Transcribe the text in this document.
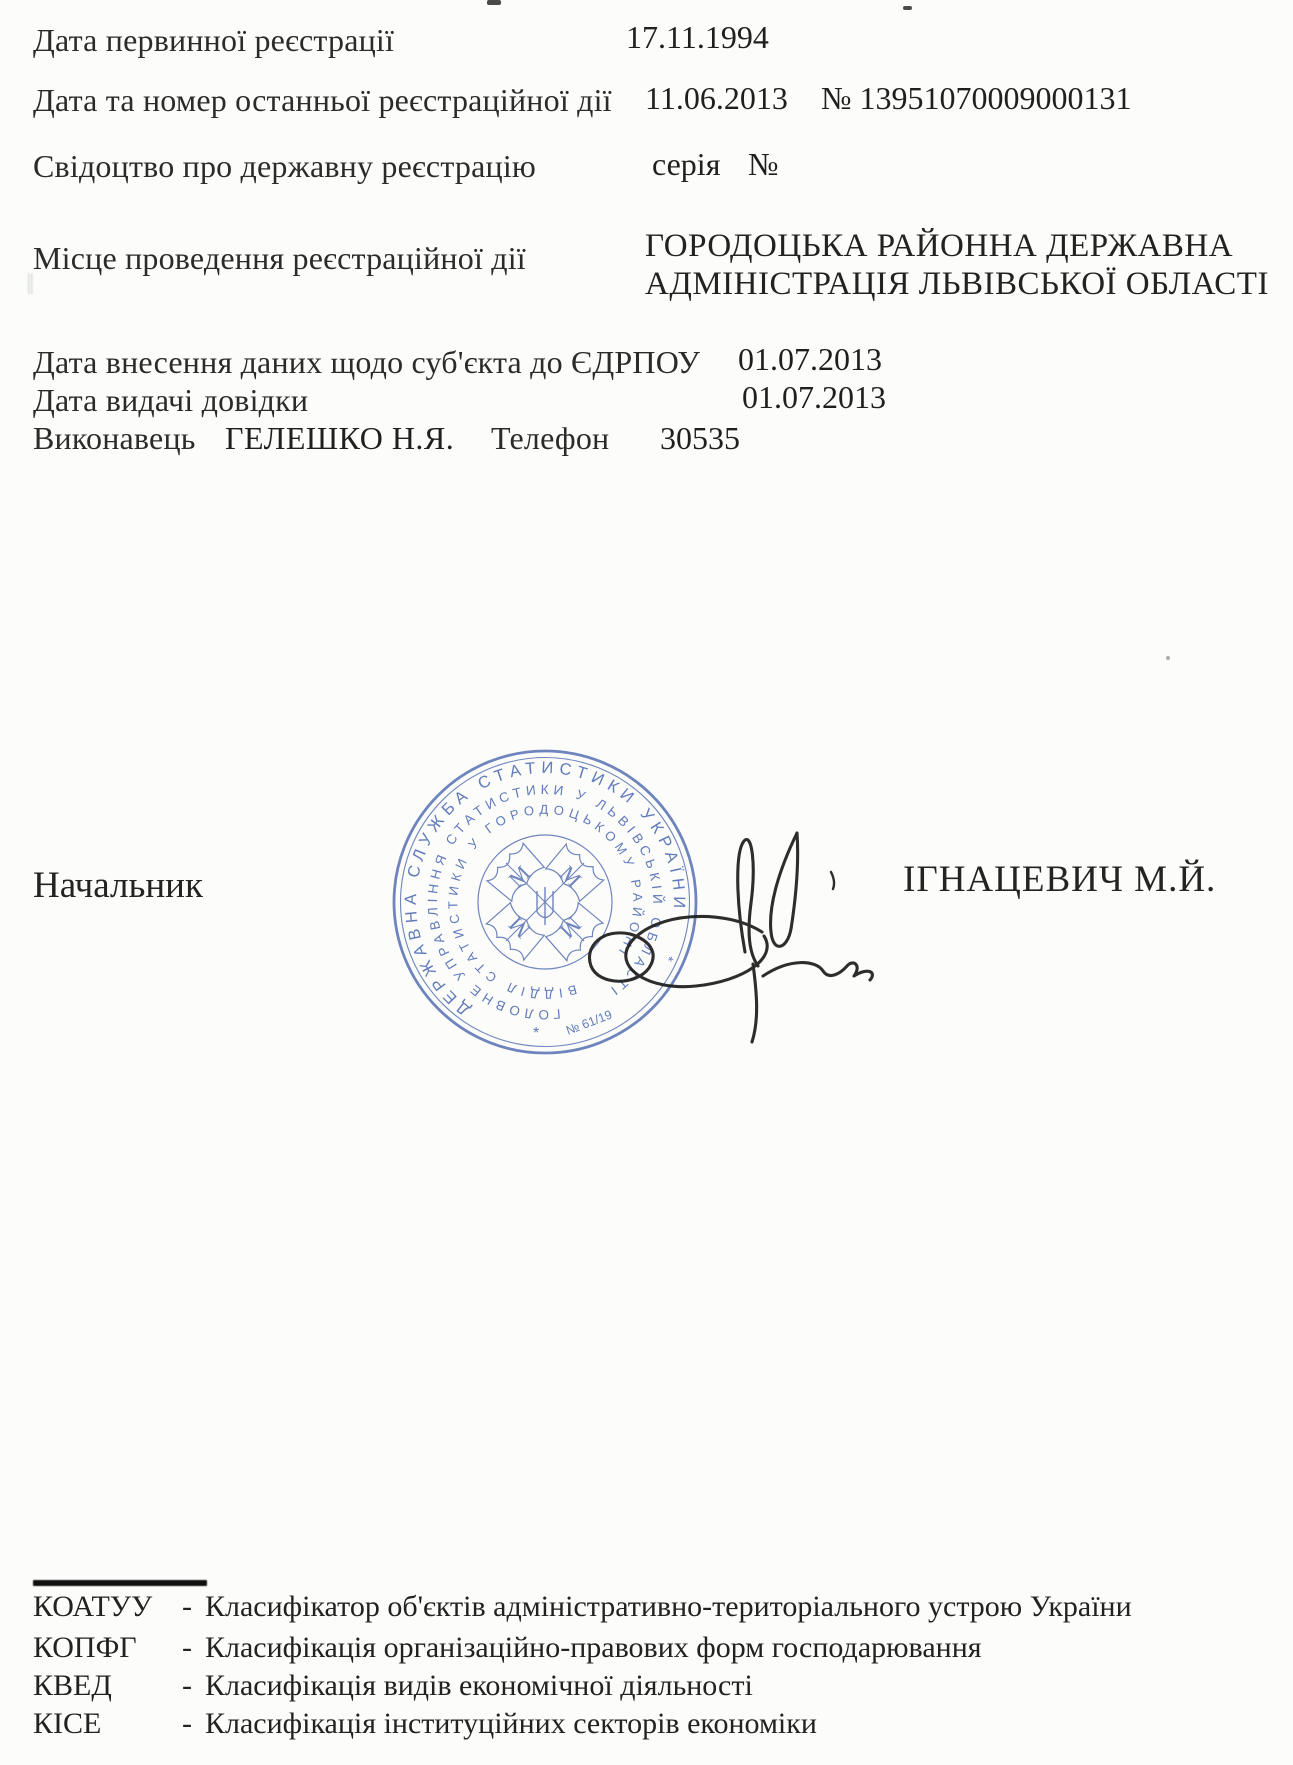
Дата первинної реєстрації	17.11.1994
Дата та номер останньої реєстраційної дії 11.06.2013 № 13951070009000131
Свідоцтво про державну реєстрацію	серія №
Місце проведення реєстраційної дії	ГОРОДОЦЬКА РАЙОННА ДЕРЖАВНА
АДМІНІСТРАЦІЯ ЛЬВІВСЬКОЇ ОБЛАСТІ
‖
Дата внесення даних щодо суб'єкта до ЄДРПОУ 01.07.2013
Дата видачі довідки	01.07.2013
Виконавець ГЕЛЕШКО Н.Я. Телефон 30535
М М
М
М
ДЕРЖАВНА СЛУЖБА СТАТИСТИКИ УКРАЇНИ
ГОЛОВНЕ УПРАВЛІННЯ СТАТИСТИКИ У ЛЬВІВСЬКІЙ ОБЛАСТІ
ВІДДІЛ СТАТИСТИКИ У ГОРОДОЦЬКОМУ РАЙОНІ
*
*
№ 61/19
Начальник	ІГНАЦЕВИЧ М.Й.
КОАТУУ - Класифікатор об'єктів адміністративно-територіального устрою України
КОПФГ - Класифікація організаційно-правових форм господарювання
КВЕД - Класифікація видів економічної діяльності
КІСЕ	- Класифікація інституційних секторів економіки
